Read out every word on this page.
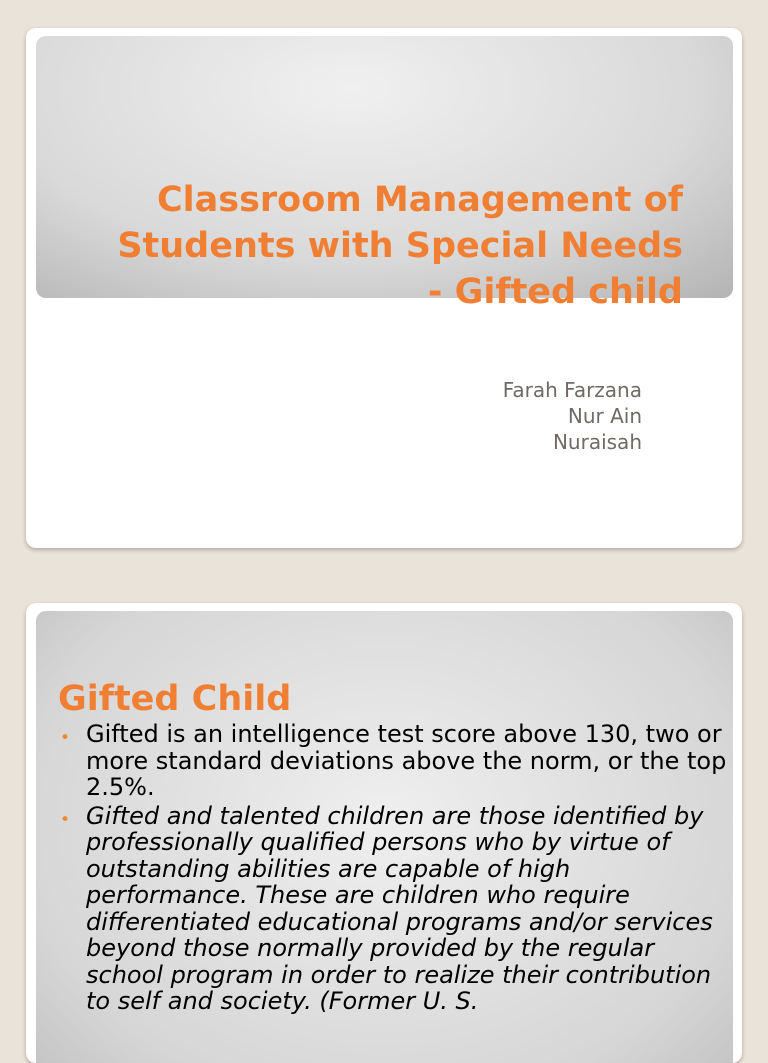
Classroom Management of
Students with Special Needs
- Gifted child
Farah Farzana
Nur Ain
Nuraisah
Gifted Child
• Gifted is an intelligence test score above 130, two or more standard deviations above the norm, or the top 2.5%.
• Gifted and talented children are those identified by professionally qualified persons who by virtue of outstanding abilities are capable of high performance. These are children who require differentiated educational programs and/or services beyond those normally provided by the regular school program in order to realize their contribution to self and society. (Former U. S.
